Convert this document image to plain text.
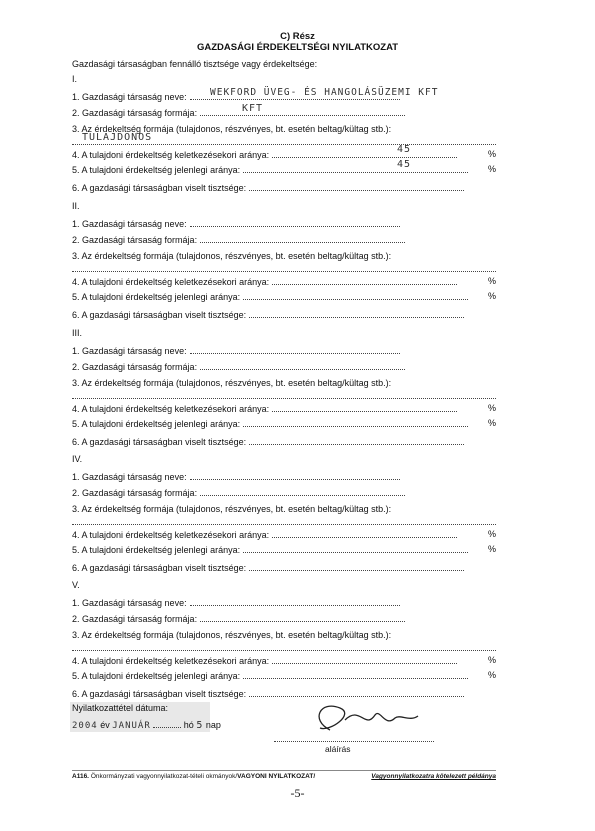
C) Rész
GAZDASÁGI ÉRDEKELTSÉGI NYILATKOZAT
Gazdasági társaságban fennálló tisztsége vagy érdekeltsége:
I.
1. Gazdasági társaság neve: WEKFORD ÜVEG- ÉS HANGOLÁSÜZEMI KFT
2. Gazdasági társaság formája:	KFT
3. Az érdekeltség formája (tulajdonos, részvényes, bt. esetén beltag/kültag stb.):
TULAJDONOS
4. A tulajdoni érdekeltség keletkezésekori aránya:	%
45
5. A tulajdoni érdekeltség jelenlegi aránya:	%
45
6. A gazdasági társaságban viselt tisztsége:
II.
1. Gazdasági társaság neve:
2. Gazdasági társaság formája:
3. Az érdekeltség formája (tulajdonos, részvényes, bt. esetén beltag/kültag stb.):
4. A tulajdoni érdekeltség keletkezésekori aránya:	%
5. A tulajdoni érdekeltség jelenlegi aránya:	%
6. A gazdasági társaságban viselt tisztsége:
III.
1. Gazdasági társaság neve:
2. Gazdasági társaság formája:
3. Az érdekeltség formája (tulajdonos, részvényes, bt. esetén beltag/kültag stb.):
4. A tulajdoni érdekeltség keletkezésekori aránya:	%
5. A tulajdoni érdekeltség jelenlegi aránya:	%
6. A gazdasági társaságban viselt tisztsége:
IV.
1. Gazdasági társaság neve:
2. Gazdasági társaság formája:
3. Az érdekeltség formája (tulajdonos, részvényes, bt. esetén beltag/kültag stb.):
4. A tulajdoni érdekeltség keletkezésekori aránya:	%
5. A tulajdoni érdekeltség jelenlegi aránya:	%
6. A gazdasági társaságban viselt tisztsége:
V.
1. Gazdasági társaság neve:
2. Gazdasági társaság formája:
3. Az érdekeltség formája (tulajdonos, részvényes, bt. esetén beltag/kültag stb.):
4. A tulajdoni érdekeltség keletkezésekori aránya:	%
5. A tulajdoni érdekeltség jelenlegi aránya:	%
6. A gazdasági társaságban viselt tisztsége:
Nyilatkozattétel dátuma:
2004 év JANUÁR	hó 5 nap
aláírás
A116. Önkormányzati vagyonnyilatkozat-tételi okmányok/VAGYONI NYILATKOZAT/	Vagyonnyilatkozatra kötelezett példánya
-5-
